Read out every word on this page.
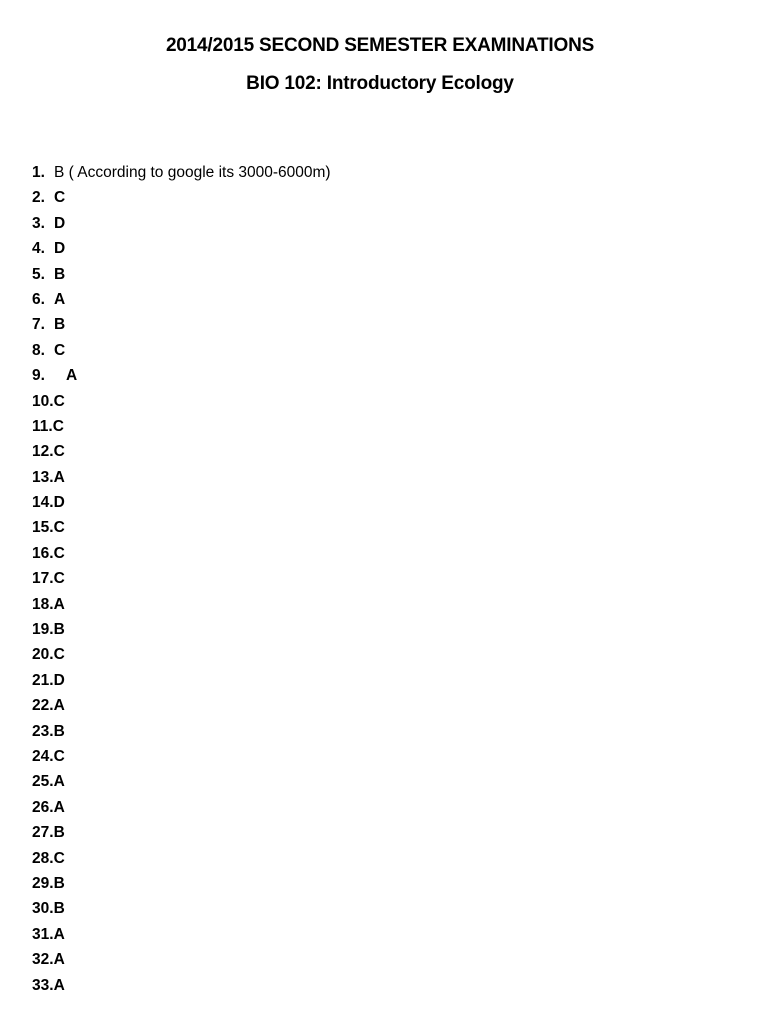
2014/2015 SECOND SEMESTER EXAMINATIONS
BIO 102: Introductory Ecology
1. B ( According to google its 3000-6000m)
2. C
3. D
4. D
5. B
6. A
7. B
8. C
9. A
10.C
11.C
12.C
13.A
14.D
15.C
16.C
17.C
18.A
19.B
20.C
21.D
22.A
23.B
24.C
25.A
26.A
27.B
28.C
29.B
30.B
31.A
32.A
33.A
